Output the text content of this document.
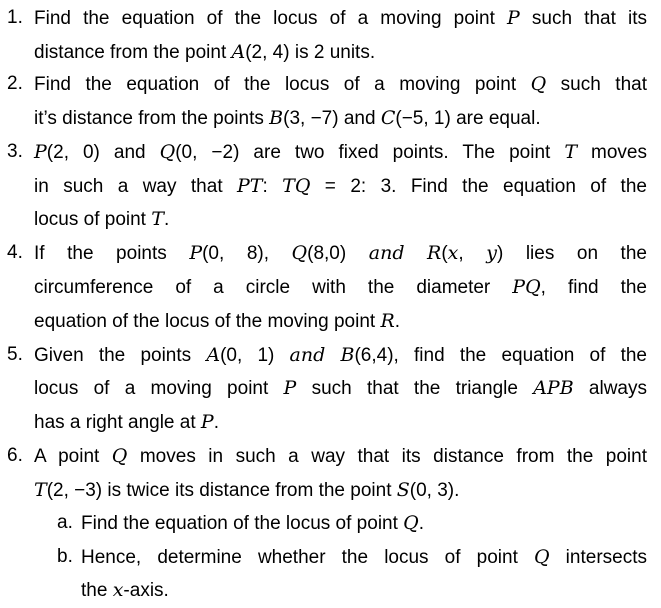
1. Find the equation of the locus of a moving point P such that its
distance from the point A(2, 4) is 2 units.
2. Find the equation of the locus of a moving point Q such that
it’s distance from the points B(3, −7) and C(−5, 1) are equal.
3. P(2, 0) and Q(0, −2) are two fixed points. The point T moves
in such a way that PT: TQ = 2: 3. Find the equation of the
locus of point T.
4. If the points P(0, 8), Q(8,0) and R(x, y) lies on the
circumference of a circle with the diameter PQ, find the
equation of the locus of the moving point R.
5. Given the points A(0, 1) and B(6,4), find the equation of the
locus of a moving point P such that the triangle APB always
has a right angle at P.
6. A point Q moves in such a way that its distance from the point
T(2, −3) is twice its distance from the point S(0, 3).
a. Find the equation of the locus of point Q.
b. Hence, determine whether the locus of point Q intersects
the x-axis.
